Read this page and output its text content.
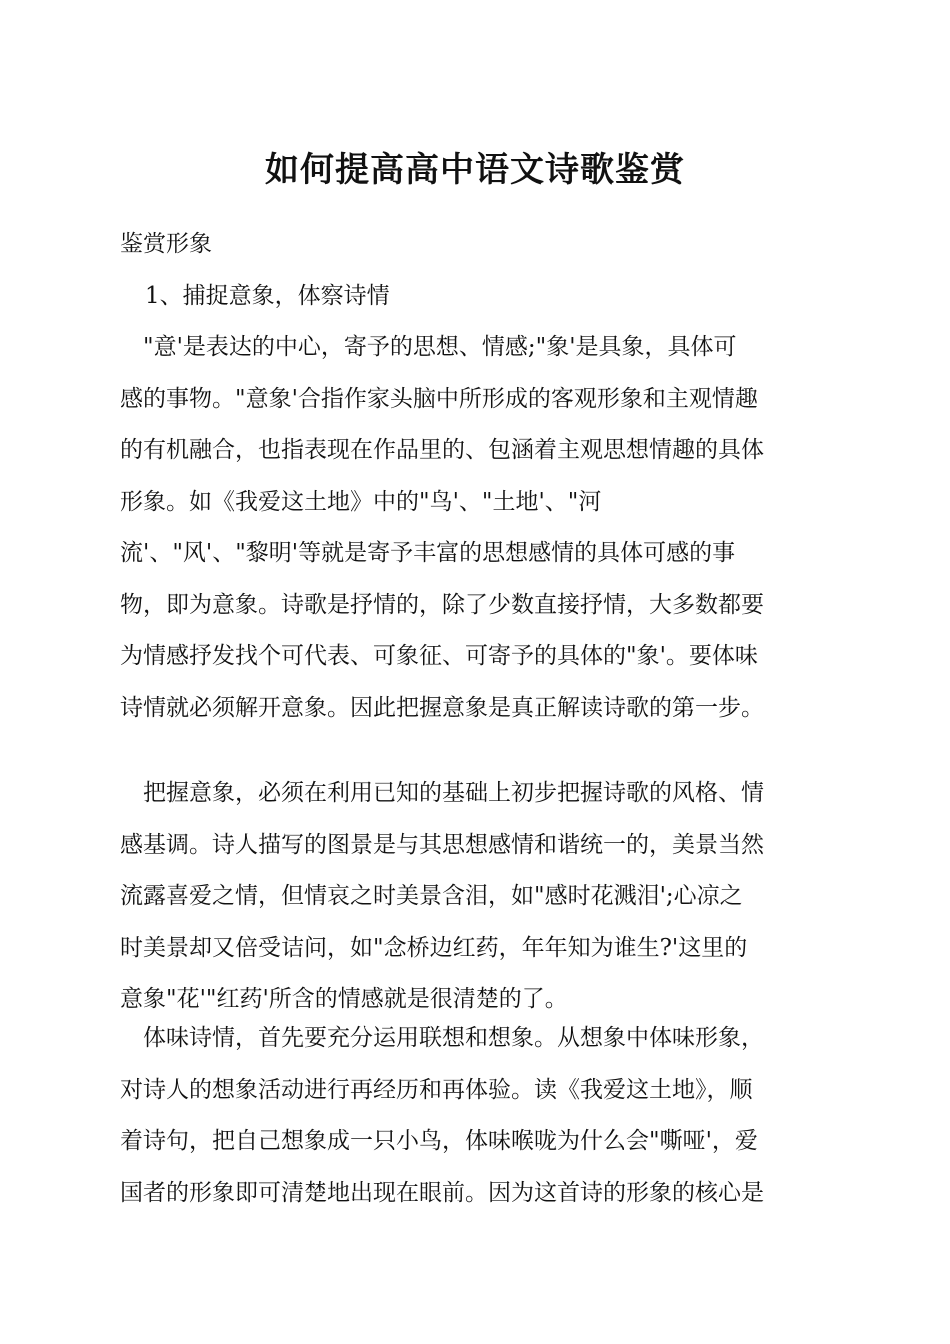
如何提高高中语文诗歌鉴赏

鉴赏形象

1、捕捉意象，体察诗情

　"意'是表达的中心，寄予的思想、情感;"象'是具象，具体可
感的事物。"意象'合指作家头脑中所形成的客观形象和主观情趣
的有机融合，也指表现在作品里的、包涵着主观思想情趣的具体
形象。如《我爱这土地》中的"鸟'、"土地'、"河
流'、"风'、"黎明'等就是寄予丰富的思想感情的具体可感的事
物，即为意象。诗歌是抒情的，除了少数直接抒情，大多数都要
为情感抒发找个可代表、可象征、可寄予的具体的"象'。要体味
诗情就必须解开意象。因此把握意象是真正解读诗歌的第一步。
　把握意象，必须在利用已知的基础上初步把握诗歌的风格、情
感基调。诗人描写的图景是与其思想感情和谐统一的，美景当然
流露喜爱之情，但情哀之时美景含泪，如"感时花溅泪';心凉之
时美景却又倍受诘问，如"念桥边红药，年年知为谁生?'这里的
意象"花'"红药'所含的情感就是很清楚的了。
　体味诗情，首先要充分运用联想和想象。从想象中体味形象，
对诗人的想象活动进行再经历和再体验。读《我爱这土地》，顺
着诗句，把自己想象成一只小鸟，体味喉咙为什么会"嘶哑'，爱
国者的形象即可清楚地出现在眼前。因为这首诗的形象的核心是
